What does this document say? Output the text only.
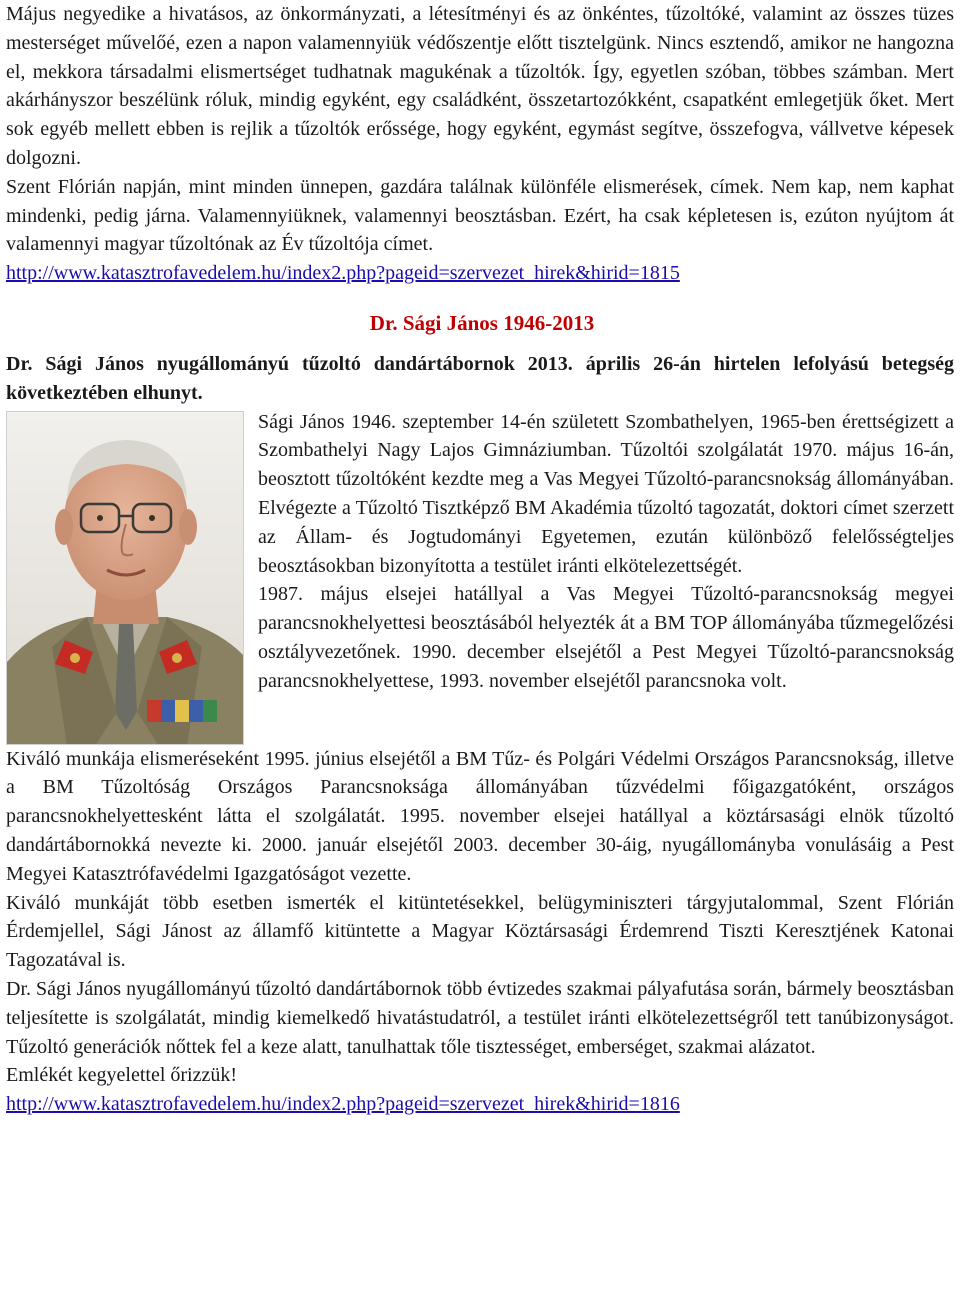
Május negyedike a hivatásos, az önkormányzati, a létesítményi és az önkéntes, tűzoltóké, valamint az összes tüzes mesterséget művelőé, ezen a napon valamennyiük védőszentje előtt tisztelgünk. Nincs esztendő, amikor ne hangozna el, mekkora társadalmi elismertséget tudhatnak magukénak a tűzoltók. Így, egyetlen szóban, többes számban. Mert akárhányszor beszélünk róluk, mindig egyként, egy családként, összetartozókként, csapatként emlegetjük őket. Mert sok egyéb mellett ebben is rejlik a tűzoltók erőssége, hogy egyként, egymást segítve, összefogva, vállvetve képesek dolgozni.

Szent Flórián napján, mint minden ünnepen, gazdára találnak különféle elismerések, címek. Nem kap, nem kaphat mindenki, pedig járna. Valamennyiüknek, valamennyi beosztásban. Ezért, ha csak képletesen is, ezúton nyújtom át valamennyi magyar tűzoltónak az Év tűzoltója címet.

http://www.katasztrofavedelem.hu/index2.php?pageid=szervezet_hirek&hirid=1815

Dr. Sági János 1946-2013

Dr. Sági János nyugállományú tűzoltó dandártábornok 2013. április 26-án hirtelen lefolyású betegség következtében elhunyt.

Sági János 1946. szeptember 14-én született Szombathelyen, 1965-ben érettségizett a Szombathelyi Nagy Lajos Gimnáziumban. Tűzoltói szolgálatát 1970. május 16-án, beosztott tűzoltóként kezdte meg a Vas Megyei Tűzoltó-parancsnokság állományában. Elvégezte a Tűzoltó Tisztképző BM Akadémia tűzoltó tagozatát, doktori címet szerzett az Állam- és Jogtudományi Egyetemen, ezután különböző felelősségteljes beosztásokban bizonyította a testület iránti elkötelezettségét.

1987. május elsejei hatállyal a Vas Megyei Tűzoltó-parancsnokság megyei parancsnokhelyettesi beosztásából helyezték át a BM TOP állományába tűzmegelőzési osztályvezetőnek. 1990. december elsejétől a Pest Megyei Tűzoltó-parancsnokság parancsnokhelyettese, 1993. november elsejétől parancsnoka volt.

Kiváló munkája elismeréseként 1995. június elsejétől a BM Tűz- és Polgári Védelmi Országos Parancsnokság, illetve a BM Tűzoltóság Országos Parancsnoksága állományában tűzvédelmi főigazgatóként, országos parancsnokhelyettesként látta el szolgálatát. 1995. november elsejei hatállyal a köztársasági elnök tűzoltó dandártábornokká nevezte ki. 2000. január elsejétől 2003. december 30-áig, nyugállományba vonulásáig a Pest Megyei Katasztrófavédelmi Igazgatóságot vezette.

Kiváló munkáját több esetben ismerték el kitüntetésekkel, belügyminiszteri tárgyjutalommal, Szent Flórián Érdemjellel, Sági Jánost az államfő kitüntette a Magyar Köztársasági Érdemrend Tiszti Keresztjének Katonai Tagozatával is.

Dr. Sági János nyugállományú tűzoltó dandártábornok több évtizedes szakmai pályafutása során, bármely beosztásban teljesítette is szolgálatát, mindig kiemelkedő hivatástudatról, a testület iránti elkötelezettségről tett tanúbizonyságot. Tűzoltó generációk nőttek fel a keze alatt, tanulhattak tőle tisztességet, emberséget, szakmai alázatot.

Emlékét kegyelettel őrizzük!

http://www.katasztrofavedelem.hu/index2.php?pageid=szervezet_hirek&hirid=1816
